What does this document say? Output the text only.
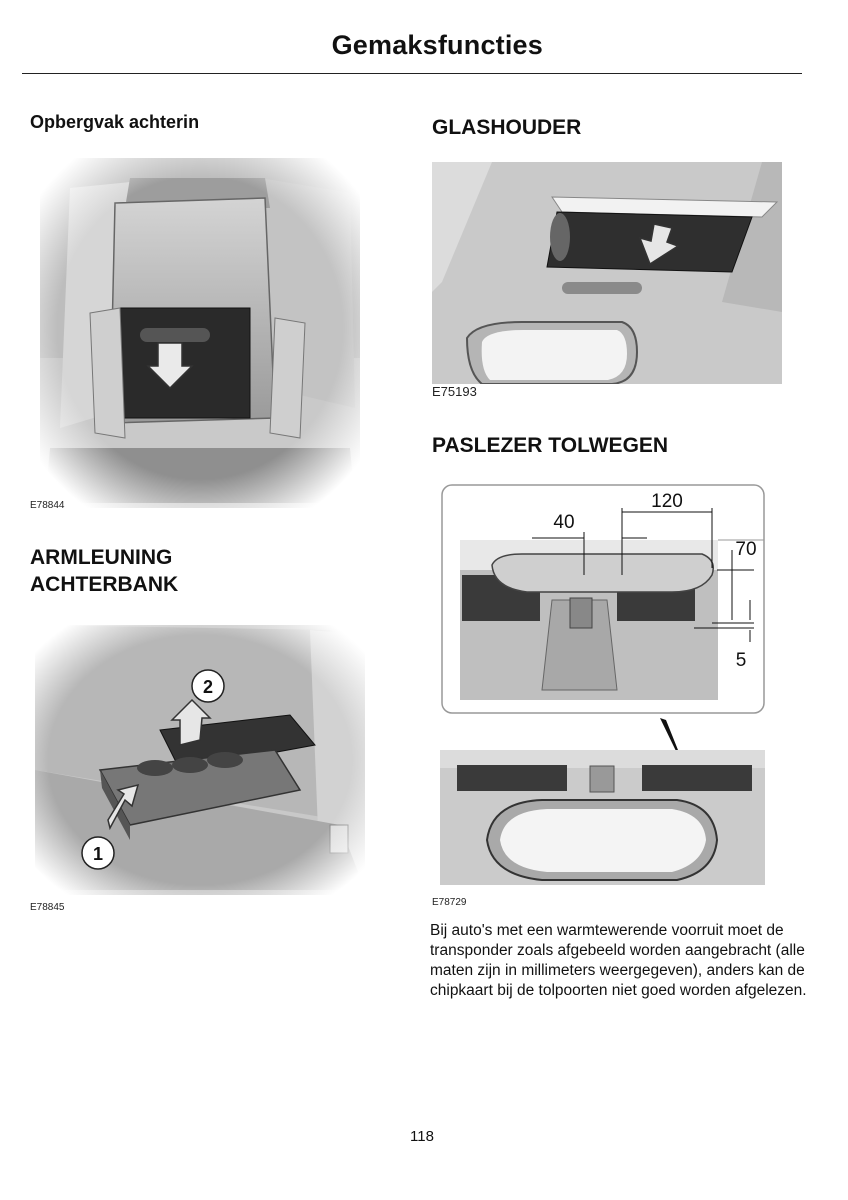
Gemaksfuncties
Opbergvak achterin
E78844
ARMLEUNING
ACHTERBANK
1
2
E78845
GLASHOUDER
E75193
PASLEZER TOLWEGEN
120
40
70
5
E78729
Bij auto's met een warmtewerende voorruit moet de transponder zoals afgebeeld worden aangebracht (alle maten zijn in millimeters weergegeven), anders kan de chipkaart bij de tolpoorten niet goed worden afgelezen.
118
